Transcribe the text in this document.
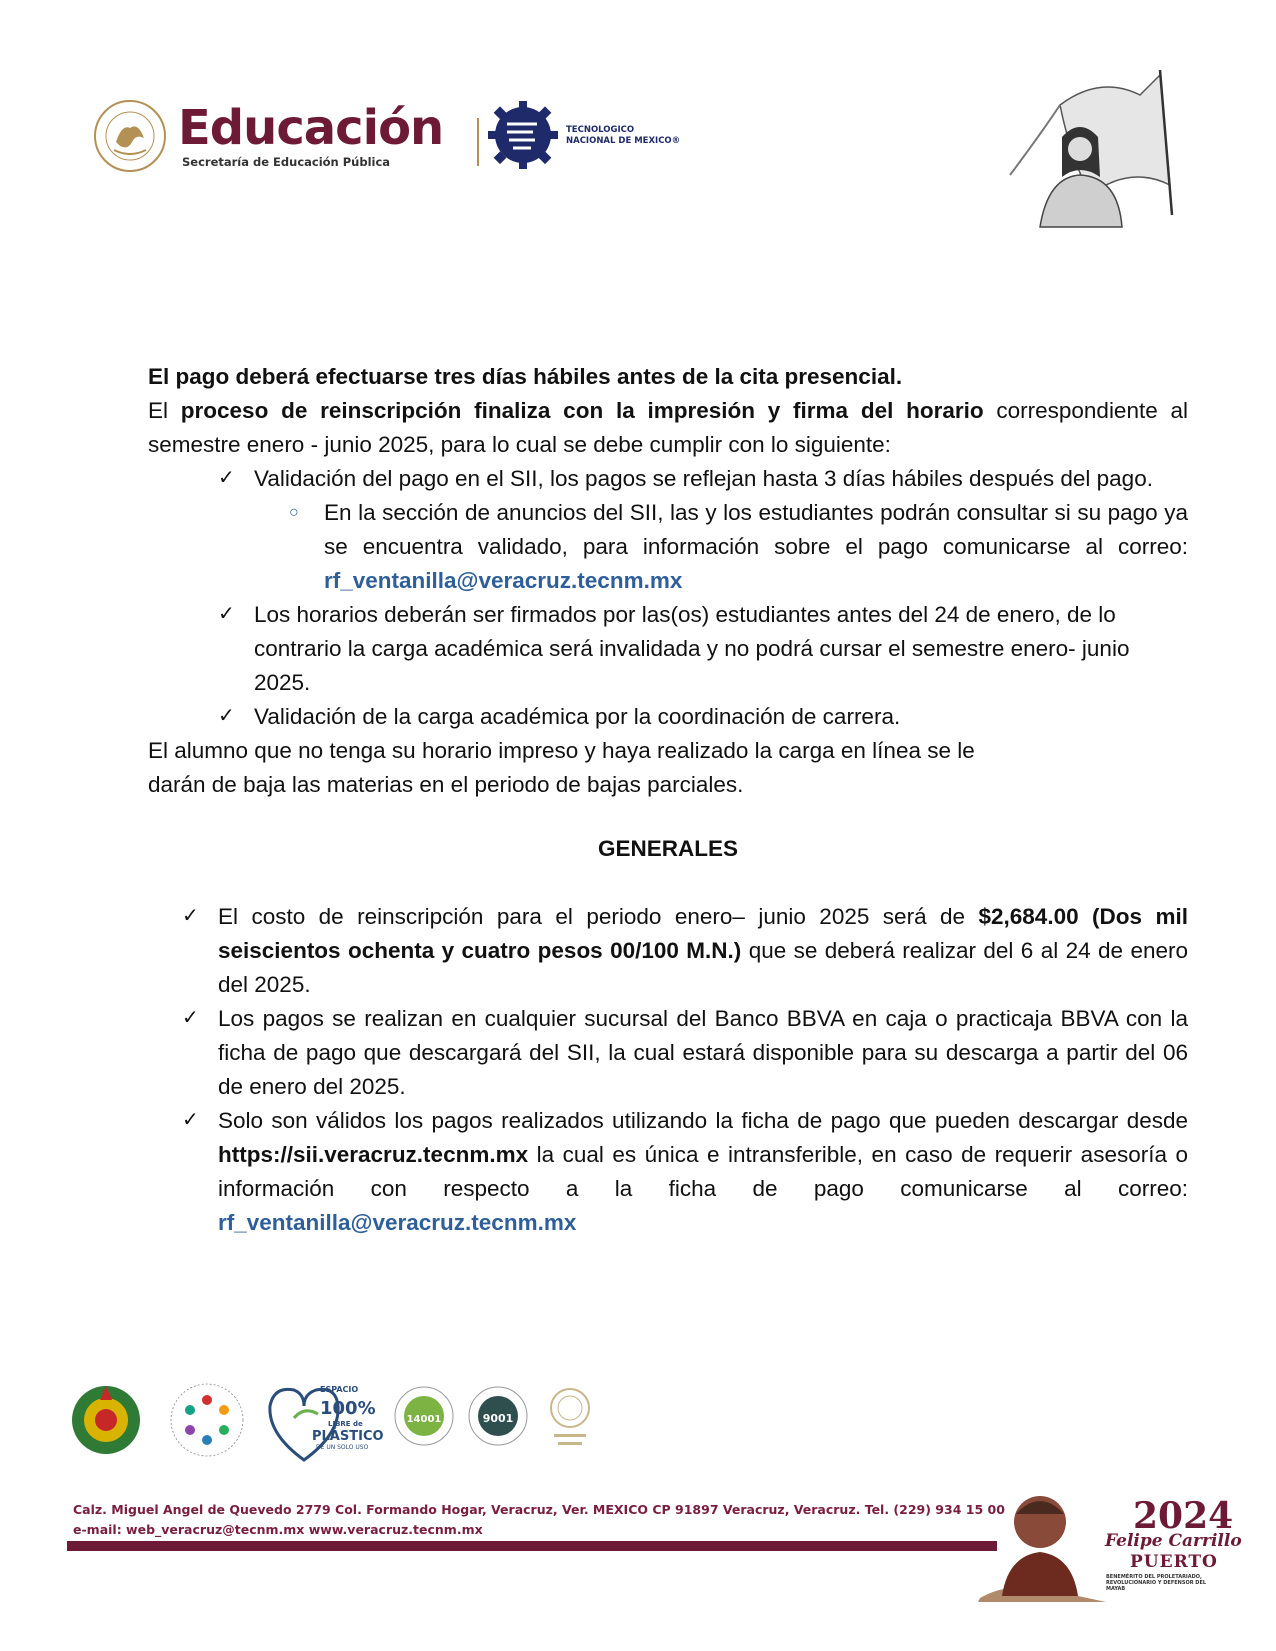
Educación
Secretaría de Educación Pública
TECNOLOGICO
NACIONAL DE MEXICO®

El pago deberá efectuarse tres días hábiles antes de la cita presencial.

El proceso de reinscripción finaliza con la impresión y firma del horario correspondiente al semestre enero - junio 2025, para lo cual se debe cumplir con lo siguiente:

✓ Validación del pago en el SII, los pagos se reflejan hasta 3 días hábiles después del pago.
○ En la sección de anuncios del SII, las y los estudiantes podrán consultar si su pago ya se encuentra validado, para información sobre el pago comunicarse al correo: rf_ventanilla@veracruz.tecnm.mx
✓ Los horarios deberán ser firmados por las(os) estudiantes antes del 24 de enero, de lo contrario la carga académica será invalidada y no podrá cursar el semestre enero- junio 2025.
✓ Validación de la carga académica por la coordinación de carrera.

El alumno que no tenga su horario impreso y haya realizado la carga en línea se le

darán de baja las materias en el periodo de bajas parciales.

GENERALES

✓ El costo de reinscripción para el periodo enero– junio 2025 será de $2,684.00 (Dos mil seiscientos ochenta y cuatro pesos 00/100 M.N.) que se deberá realizar del 6 al 24 de enero del 2025.
✓ Los pagos se realizan en cualquier sucursal del Banco BBVA en caja o practicaja BBVA con la ficha de pago que descargará del SII, la cual estará disponible para su descarga a partir del 06 de enero del 2025.
✓ Solo son válidos los pagos realizados utilizando la ficha de pago que pueden descargar desde https://sii.veracruz.tecnm.mx la cual es única e intransferible, en caso de requerir asesoría o información con respecto a la ficha de pago comunicarse al correo: rf_ventanilla@veracruz.tecnm.mx
ESPACIO
100%
LIBRE de
PLÁSTICO
DE UN SOLO USO
14001	9001
Calz. Miguel Angel de Quevedo 2779 Col. Formando Hogar, Veracruz, Ver. MEXICO CP 91897 Veracruz, Veracruz. Tel. (229) 934 15 00
e-mail: web_veracruz@tecnm.mx www.veracruz.tecnm.mx	2024
Felipe Carrillo
PUERTO
BENEMÉRITO DEL PROLETARIADO, REVOLUCIONARIO Y DEFENSOR DEL MAYAB
